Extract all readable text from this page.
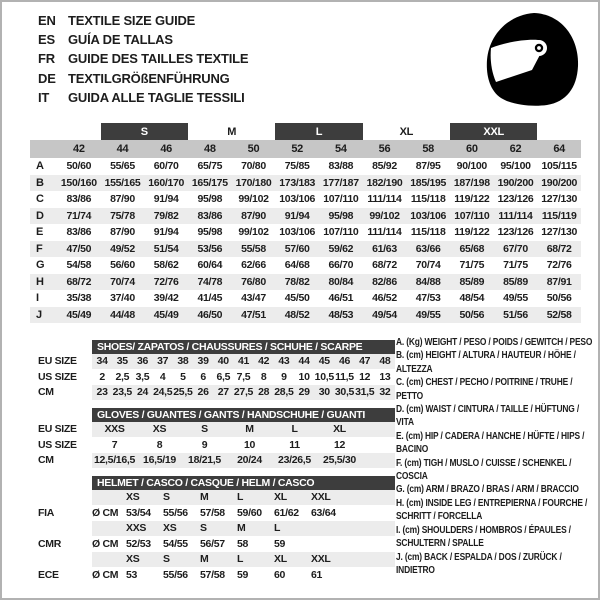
EN TEXTILE SIZE GUIDE
ES	GUÍA DE TALLAS
FR	GUIDE DES TAILLES TEXTILE
DE TEXTILGRÖßENFÜHRUNG
IT	GUIDA ALLE TAGLIE TESSILI
S	M	L	XL	XXL
42	44	46	48	50	52	54	56	58	60	62	64
A	50/60	55/65	60/70	65/75	70/80	75/85	83/88	85/92	87/95	90/100	95/100	105/115
B	150/160 155/165 160/170 165/175 170/180 173/183 177/187 182/190 185/195 187/198 190/200 190/200
C	83/86	87/90	91/94	95/98	99/102	103/106 107/110 111/114 115/118 119/122 123/126 127/130
D	71/74	75/78	79/82	83/86	87/90	91/94	95/98	99/102	103/106 107/110 111/114 115/119
E	83/86	87/90	91/94	95/98	99/102	103/106 107/110 111/114 115/118 119/122 123/126 127/130
F	47/50	49/52	51/54	53/56	55/58	57/60	59/62	61/63	63/66	65/68	67/70	68/72
G	54/58	56/60	58/62	60/64	62/66	64/68	66/70	68/72	70/74	71/75	71/75	72/76
H	68/72	70/74	72/76	74/78	76/80	78/82	80/84	82/86	84/88	85/89	85/89	87/91
I	35/38	37/40	39/42	41/45	43/47	45/50	46/51	46/52	47/53	48/54	49/55	50/56
J	45/49	44/48	45/49	46/50	47/51	48/52	48/53	49/54	49/55	50/56	51/56	52/58
SHOES/ ZAPATOS / CHAUSSURES / SCHUHE / SCARPE
EU SIZE	34 35 36 37 38 39 40 41 42 43 44 45 46 47 48
US SIZE	2	2,5 3,5	4	5	6	6,5 7,5	8	9	10 10,5 11,5 12 13
CM	23 23,5 24 24,5 25,5 26 27 27,5 28 28,5 29 30 30,5 31,5 32
GLOVES / GUANTES / GANTS / HANDSCHUHE / GUANTI
EU SIZE	XXS	XS	S	M	L	XL
US SIZE	7	8	9	10	11	12
CM	12,5/16,5 16,5/19	18/21,5	20/24	23/26,5	25,5/30
HELMET / CASCO / CASQUE / HELM / CASCO
XS	S	M	L	XL	XXL
FIA	Ø CM 53/54	55/56	57/58	59/60	61/62	63/64
XXS	XS	S	M	L
CMR	Ø CM 52/53	54/55	56/57	58	59
XS	S	M	L	XL	XXL
ECE	Ø CM 53	55/56	57/58	59	60	61
A. (Kg) WEIGHT / PESO / POIDS / GEWITCH / PESO
B. (cm) HEIGHT / ALTURA / HAUTEUR / HÖHE / ALTEZZA
C. (cm) CHEST / PECHO / POITRINE / TRUHE / PETTO
D. (cm) WAIST / CINTURA / TAILLE / HÜFTUNG / VITA
E. (cm) HIP / CADERA / HANCHE / HÜFTE / HIPS / BACINO
F. (cm) TIGH / MUSLO / CUISSE / SCHENKEL / COSCIA
G. (cm) ARM / BRAZO / BRAS / ARM / BRACCIO
H. (cm) INSIDE LEG / ENTREPIERNA / FOURCHE / SCHRITT / FORCELLA
I. (cm) SHOULDERS / HOMBROS / ÉPAULES / SCHULTERN / SPALLE
J. (cm) BACK / ESPALDA / DOS / ZURÜCK / INDIETRO
